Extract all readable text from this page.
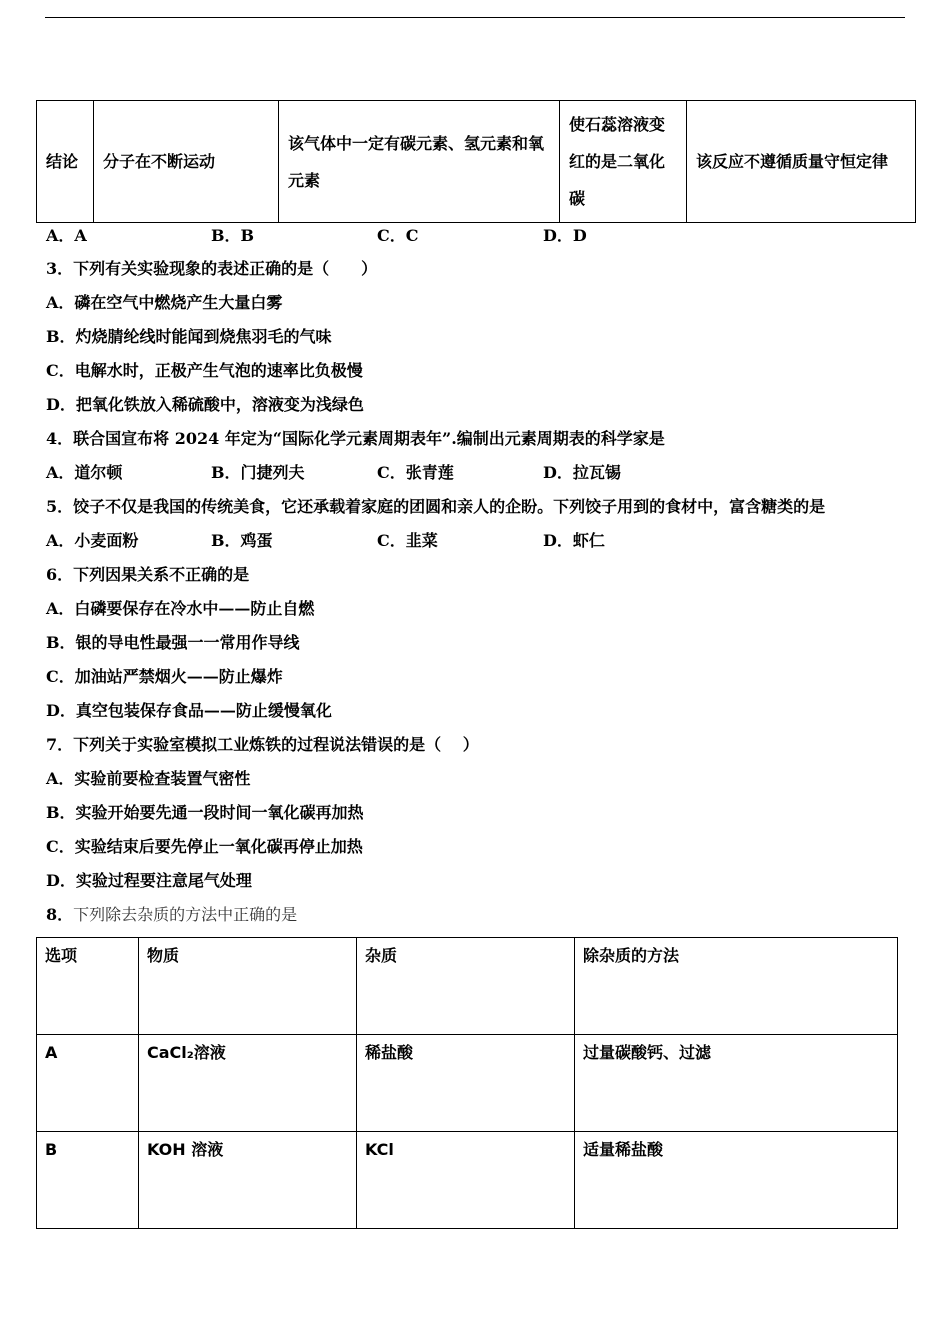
结论	分子在不断运动	该气体中一定有碳元素、氢元素和氧元素	使石蕊溶液变红的是二氧化碳	该反应不遵循质量守恒定律
A．A	B．B	C．C	D．D
3．下列有关实验现象的表述正确的是（　　）
A．磷在空气中燃烧产生大量白雾
B．灼烧腈纶线时能闻到烧焦羽毛的气味
C．电解水时，正极产生气泡的速率比负极慢
D．把氧化铁放入稀硫酸中，溶液变为浅绿色
4．联合国宣布将 2024 年定为“国际化学元素周期表年”.编制出元素周期表的科学家是
A．道尔顿	B．门捷列夫	C．张青莲	D．拉瓦锡
5．饺子不仅是我国的传统美食，它还承载着家庭的团圆和亲人的企盼。下列饺子用到的食材中，富含糖类的是
A．小麦面粉	B．鸡蛋	C．韭菜	D．虾仁
6．下列因果关系不正确的是
A．白磷要保存在冷水中——防止自燃
B．银的导电性最强一一常用作导线
C．加油站严禁烟火——防止爆炸
D．真空包装保存食品——防止缓慢氧化
7．下列关于实验室模拟工业炼铁的过程说法错误的是（　 ）
A．实验前要检查装置气密性
B．实验开始要先通一段时间一氧化碳再加热
C．实验结束后要先停止一氧化碳再停止加热
D．实验过程要注意尾气处理
8．下列除去杂质的方法中正确的是
选项	物质	杂质	除杂质的方法
A	CaCl₂溶液	稀盐酸	过量碳酸钙、过滤
B	KOH 溶液	KCl	适量稀盐酸
